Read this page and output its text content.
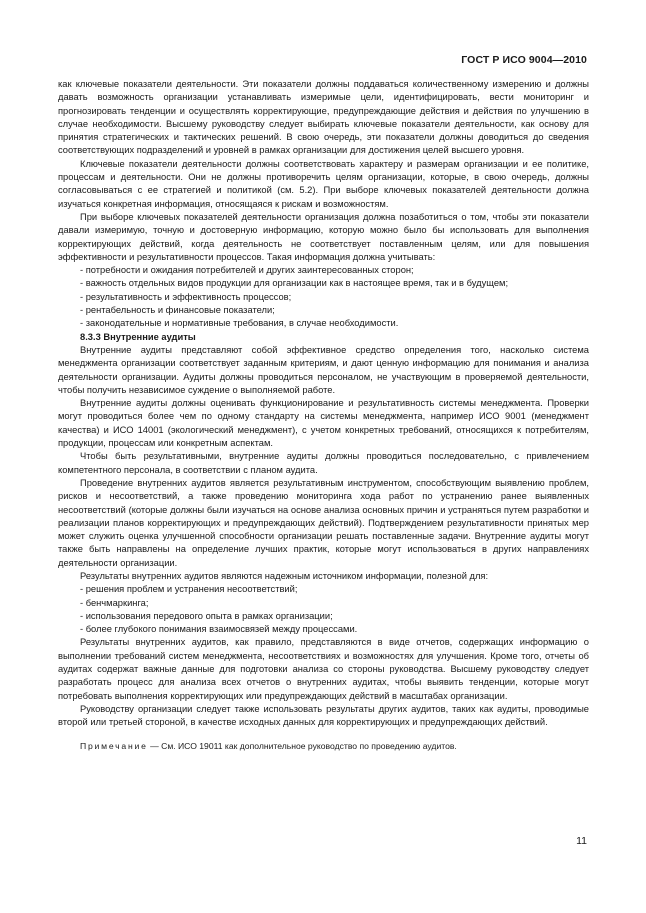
ГОСТ Р ИСО 9004—2010

как ключевые показатели деятельности. Эти показатели должны поддаваться количественному измерению и должны давать возможность организации устанавливать измеримые цели, идентифицировать, вести мониторинг и прогнозировать тенденции и осуществлять корректирующие, предупреждающие действия и действия по улучшению в случае необходимости. Высшему руководству следует выбирать ключевые показатели деятельности, как основу для принятия стратегических и тактических решений. В свою очередь, эти показатели должны доводиться до сведения соответствующих подразделений и уровней в рамках организации для достижения целей высшего уровня.

Ключевые показатели деятельности должны соответствовать характеру и размерам организации и ее политике, процессам и деятельности. Они не должны противоречить целям организации, которые, в свою очередь, должны согласовываться с ее стратегией и политикой (см. 5.2). При выборе ключевых показателей деятельности должна изучаться конкретная информация, относящаяся к рискам и возможностям.

При выборе ключевых показателей деятельности организация должна позаботиться о том, чтобы эти показатели давали измеримую, точную и достоверную информацию, которую можно было бы использовать для выполнения корректирующих действий, когда деятельность не соответствует поставленным целям, или для повышения эффективности и результативности процессов. Такая информация должна учитывать:

- потребности и ожидания потребителей и других заинтересованных сторон;

- важность отдельных видов продукции для организации как в настоящее время, так и в будущем;

- результативность и эффективность процессов;

- рентабельность и финансовые показатели;

- законодательные и нормативные требования, в случае необходимости.

8.3.3 Внутренние аудиты

Внутренние аудиты представляют собой эффективное средство определения того, насколько система менеджмента организации соответствует заданным критериям, и дают ценную информацию для понимания и анализа деятельности организации. Аудиты должны проводиться персоналом, не участвующим в проверяемой деятельности, чтобы получить независимое суждение о выполняемой работе.

Внутренние аудиты должны оценивать функционирование и результативность системы менеджмента. Проверки могут проводиться более чем по одному стандарту на системы менеджмента, например ИСО 9001 (менеджмент качества) и ИСО 14001 (экологический менеджмент), с учетом конкретных требований, относящихся к потребителям, продукции, процессам или конкретным аспектам.

Чтобы быть результативными, внутренние аудиты должны проводиться последовательно, с привлечением компетентного персонала, в соответствии с планом аудита.

Проведение внутренних аудитов является результативным инструментом, способствующим выявлению проблем, рисков и несоответствий, а также проведению мониторинга хода работ по устранению ранее выявленных несоответствий (которые должны были изучаться на основе анализа основных причин и устраняться путем разработки и реализации планов корректирующих и предупреждающих действий). Подтверждением результативности принятых мер может служить оценка улучшенной способности организации решать поставленные задачи. Внутренние аудиты могут также быть направлены на определение лучших практик, которые могут использоваться в других направлениях деятельности организации.

Результаты внутренних аудитов являются надежным источником информации, полезной для:

- решения проблем и устранения несоответствий;

- бенчмаркинга;

- использования передового опыта в рамках организации;

- более глубокого понимания взаимосвязей между процессами.

Результаты внутренних аудитов, как правило, представляются в виде отчетов, содержащих информацию о выполнении требований систем менеджмента, несоответствиях и возможностях для улучшения. Кроме того, отчеты об аудитах содержат важные данные для подготовки анализа со стороны руководства. Высшему руководству следует разработать процесс для анализа всех отчетов о внутренних аудитах, чтобы выявить тенденции, которые могут потребовать выполнения корректирующих или предупреждающих действий в масштабах организации.

Руководству организации следует также использовать результаты других аудитов, таких как аудиты, проводимые второй или третьей стороной, в качестве исходных данных для корректирующих и предупреждающих действий.

Примечание — См. ИСО 19011 как дополнительное руководство по проведению аудитов.

11
